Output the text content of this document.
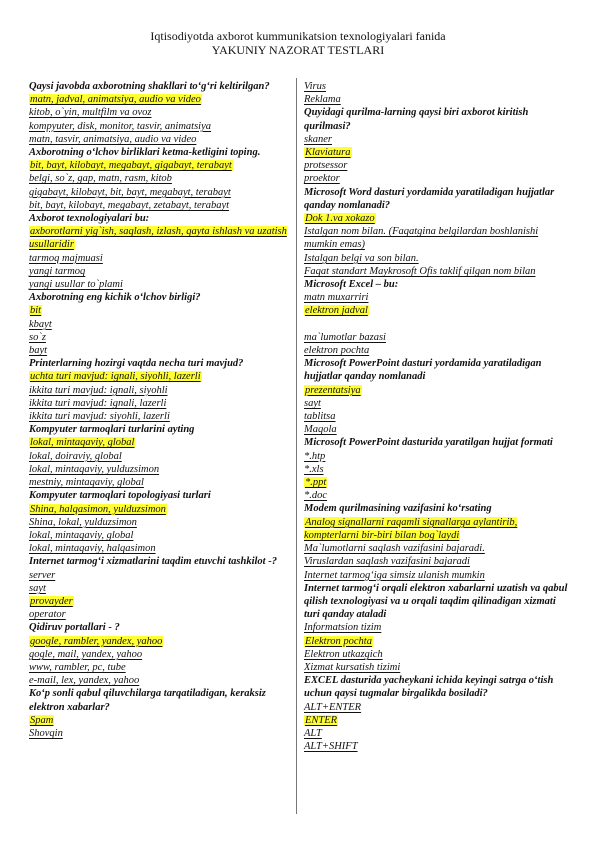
Iqtisodiyotda axborot kummunikatsion texnologiyalari fanida
YAKUNIY NAZORAT TESTLARI
Qaysi javobda axborotning shakllari to‘g‘ri keltirilgan?
matn, jadval, animatsiya, audio va video
kitob, o`yin, multfilm va ovoz
kompyuter, disk, monitor, tasvir, animatsiya
matn, tasvir, animatsiya, audio va video
Axborotning o‘lchov birliklari ketma-ketligini toping.
bit, bayt, kilobayt, megabayt, gigabayt, terabayt
belgi, so`z, gap, matn, rasm, kitob
gigabayt, kilobayt, bit, bayt, megabayt, terabayt
bit, bayt, kilobayt, megabayt, zetabayt, terabayt
Axborot texnologiyalari bu:
axborotlarni yig`ish, saqlash, izlash, qayta ishlash va uzatish usullaridir
tarmoq majmuasi
yangi tarmoq
yangi usullar to`plami
Axborotning eng kichik o‘lchov birligi?
bit
kbayt
so`z
bayt
Printerlarning hozirgi vaqtda necha turi mavjud?
uchta turi mavjud: ignali, siyohli, lazerli
ikkita turi mavjud: ignali, siyohli
ikkita turi mavjud: ignali, lazerli
ikkita turi mavjud: siyohli, lazerli
Kompyuter tarmoqlari turlarini ayting
lokal, mintaqaviy, global
lokal, doiraviy, global
lokal, mintaqaviy, yulduzsimon
mestniy, mintaqaviy, global
Kompyuter tarmoqlari topologiyasi turlari
Shina, halqasimon, yulduzsimon
Shina, lokal, yulduzsimon
lokal, mintaqaviy, global
lokal, mintaqaviy, halqasimon
Internet tarmog‘i xizmatlarini taqdim etuvchi tashkilot -?
server
sayt
provayder
operator
Qidiruv portallari - ?
google, rambler, yandex, yahoo
gogle, mail, yandex, yahoo
www, rambler, pc, tube
e-mail, lex, yandex, yahoo
Ko‘p sonli qabul qiluvchilarga tarqatiladigan, keraksiz elektron xabarlar?
Spam
Shovqin
Virus
Reklama
Quyidagi qurilma-larning qaysi biri axborot kiritish qurilmasi?
skaner
Klaviatura
protsessor
proektor
Microsoft Word dasturi yordamida yaratiladigan hujjatlar qanday nomlanadi?
Dok 1.va xokazo
Istalgan nom bilan. (Faqatgina belgilardan boshlanishi mumkin emas)
Istalgan belgi va son bilan.
Faqat standart Maykrosoft Ofis taklif qilgan nom bilan
Microsoft Excel – bu:
matn muxarriri
elektron jadval
ma`lumotlar bazasi
elektron pochta
Microsoft PowerPoint dasturi yordamida yaratiladigan hujjatlar qanday nomlanadi
prezentatsiya
sayt
tablitsa
Maqola
Microsoft PowerPoint dasturida yaratilgan hujjat formati
*.htp
*.xls
*.ppt
*.doc
Modem qurilmasining vazifasini ko‘rsating
Analog signallarni raqamli signallarga aylantirib, kompterlarni bir-biri bilan bog`laydi
Ma`lumotlarni saqlash vazifasini bajaradi.
Viruslardan saqlash vazifasini bajaradi
Internet tarmog‘iga simsiz ulanish mumkin
Internet tarmog‘i orqali elektron xabarlarni uzatish va qabul qilish texnologiyasi va u orqali taqdim qilinadigan xizmati turi qanday ataladi
Informatsion tizim
Elektron pochta
Elektron utkazgich
Xizmat kursatish tizimi
EXCEL dasturida yacheykani ichida keyingi satrga o‘tish uchun qaysi tugmalar birgalikda bosiladi?
ALT+ENTER
ENTER
ALT
ALT+SHIFT
